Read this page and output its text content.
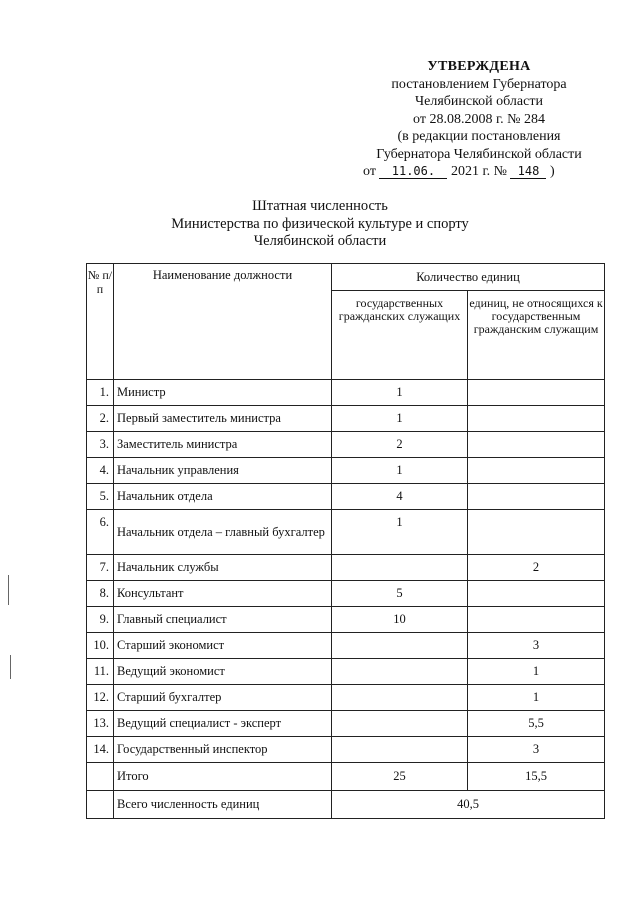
УТВЕРЖДЕНА
постановлением Губернатора
Челябинской области
от 28.08.2008 г. № 284
(в редакции постановления
Губернатора Челябинской области
от 11.06. 2021 г. № 148 )
Штатная численность
Министерства по физической культуре и спорту
Челябинской области
№ п/п	Наименование должности	Количество единиц	
		государственных гражданских служащих	единиц, не относящихся к государственным гражданским служащим
1.	Министр	1	
2.	Первый заместитель министра	1	
3.	Заместитель министра	2	
4.	Начальник управления	1	
5.	Начальник отдела	4	
6.	Начальник отдела – главный бухгалтер	1	
7.	Начальник службы		2
8.	Консультант	5	
9.	Главный специалист	10	
10.	Старший экономист		3
11.	Ведущий экономист		1
12.	Старший бухгалтер		1
13.	Ведущий специалист - эксперт		5,5
14.	Государственный инспектор		3
	Итого	25	15,5
	Всего численность единиц	40,5	
